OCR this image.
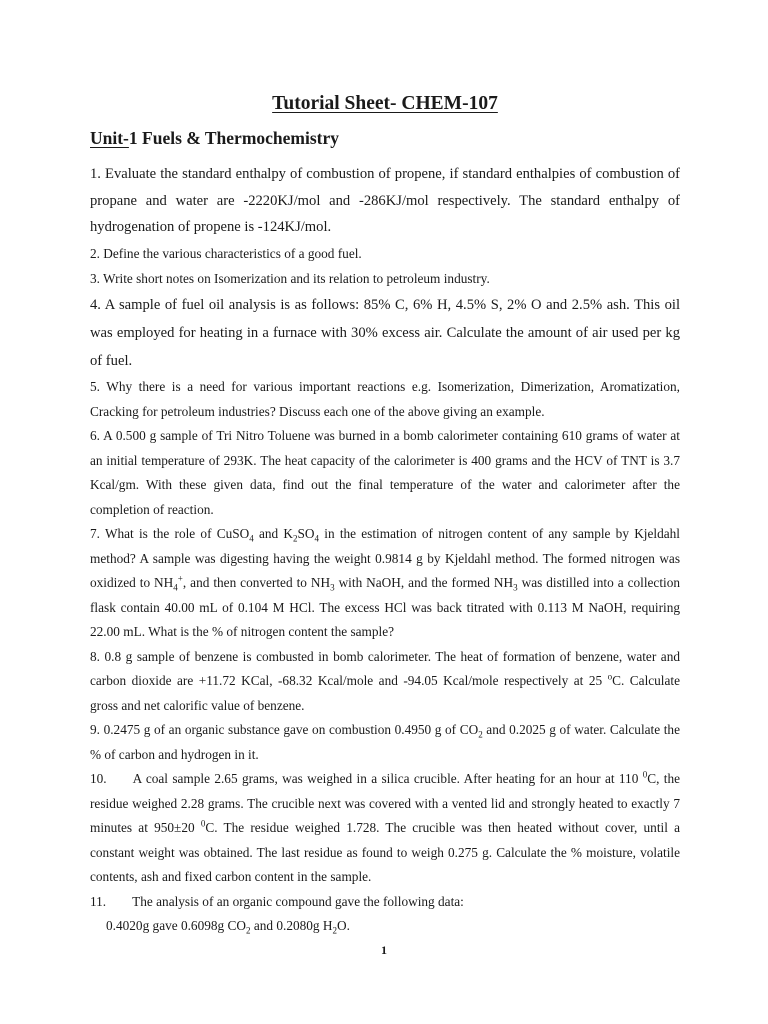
Tutorial Sheet- CHEM-107
Unit-1 Fuels & Thermochemistry
1. Evaluate the standard enthalpy of combustion of propene, if standard enthalpies of combustion of propane and water are -2220KJ/mol and -286KJ/mol respectively. The standard enthalpy of hydrogenation of propene is -124KJ/mol.
2. Define the various characteristics of a good fuel.
3. Write short notes on Isomerization and its relation to petroleum industry.
4. A sample of fuel oil analysis is as follows: 85% C, 6% H, 4.5% S, 2% O and 2.5% ash. This oil was employed for heating in a furnace with 30% excess air. Calculate the amount of air used per kg of fuel.
5. Why there is a need for various important reactions e.g. Isomerization, Dimerization, Aromatization, Cracking for petroleum industries? Discuss each one of the above giving an example.
6. A 0.500 g sample of Tri Nitro Toluene was burned in a bomb calorimeter containing 610 grams of water at an initial temperature of 293K. The heat capacity of the calorimeter is 400 grams and the HCV of TNT is 3.7 Kcal/gm. With these given data, find out the final temperature of the water and calorimeter after the completion of reaction.
7. What is the role of CuSO$_4$ and $K_2SO_4$ in the estimation of nitrogen content of any sample by Kjeldahl method? A sample was digesting having the weight 0.9814 g by Kjeldahl method. The formed nitrogen was oxidized to $NH_4^+$, and then converted to $NH_3$ with NaOH, and the formed $NH_3$ was distilled into a collection flask contain 40.00 mL of 0.104 M HCl. The excess HCl was back titrated with 0.113 M NaOH, requiring 22.00 mL. What is the % of nitrogen content the sample?
8. 0.8 g sample of benzene is combusted in bomb calorimeter. The heat of formation of benzene, water and carbon dioxide are +11.72 KCal, -68.32 Kcal/mole and -94.05 Kcal/mole respectively at 25 $^o$C. Calculate gross and net calorific value of benzene.
9. 0.2475 g of an organic substance gave on combustion 0.4950 g of $CO_2$ and 0.2025 g of water. Calculate the % of carbon and hydrogen in it.
10. A coal sample 2.65 grams, was weighed in a silica crucible. After heating for an hour at 110 $^0$C, the residue weighed 2.28 grams. The crucible next was covered with a vented lid and strongly heated to exactly 7 minutes at 950±20 $^0$C. The residue weighed 1.728. The crucible was then heated without cover, until a constant weight was obtained. The last residue as found to weigh 0.275 g. Calculate the % moisture, volatile contents, ash and fixed carbon content in the sample.
11. The analysis of an organic compound gave the following data:
0.4020g gave 0.6098g $CO_2$ and 0.2080g $H_2O$.
1
